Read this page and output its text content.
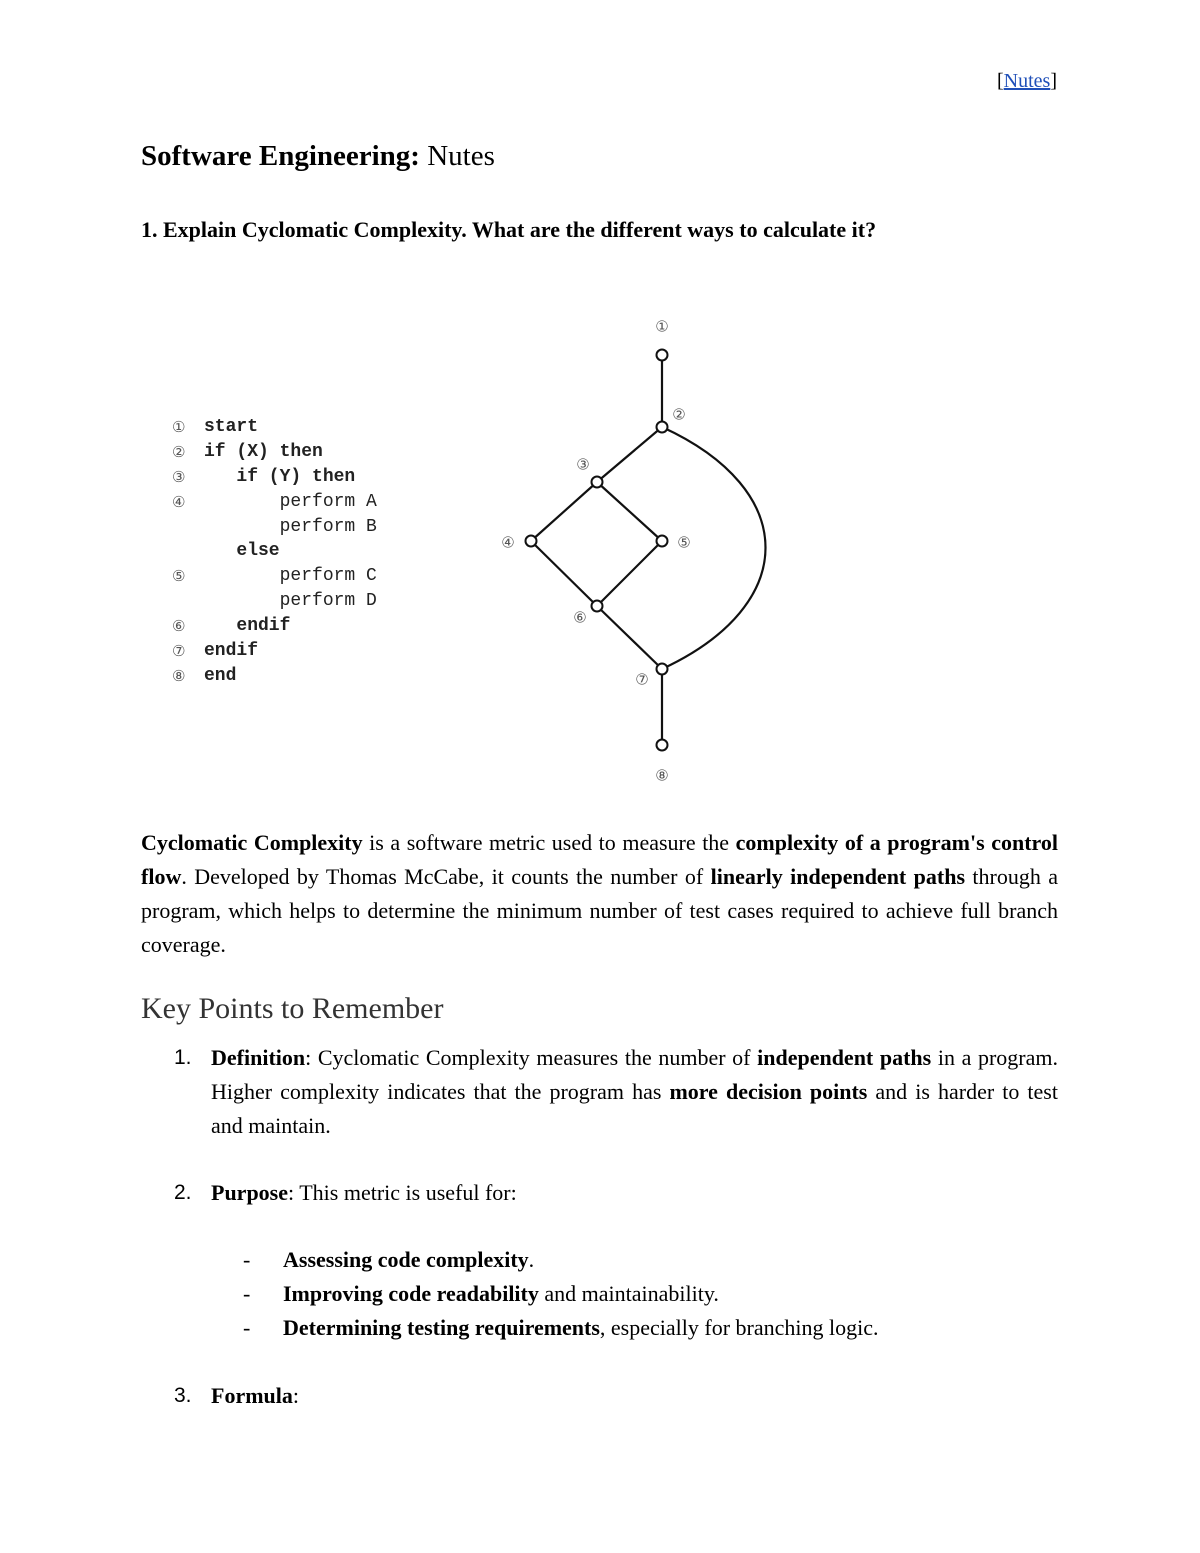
[Nutes]
Software Engineering: Nutes

1. Explain Cyclomatic Complexity. What are the different ways to calculate it?

①	start
②	if (X) then
③	if (Y) then
④	perform A
perform B
else
⑤	perform C
perform D
⑥	endif
⑦	endif
⑧	end
①
②
③
④	⑤
⑥
⑦
⑧

Cyclomatic Complexity is a software metric used to measure the complexity of a program's control flow. Developed by Thomas McCabe, it counts the number of linearly independent paths through a program, which helps to determine the minimum number of test cases required to achieve full branch coverage.

Key Points to Remember
1. Definition: Cyclomatic Complexity measures the number of independent paths in a program. Higher complexity indicates that the program has more decision points and is harder to test and maintain.
2. Purpose: This metric is useful for:
- Assessing code complexity.
- Improving code readability and maintainability.
- Determining testing requirements, especially for branching logic.
3. Formula:
